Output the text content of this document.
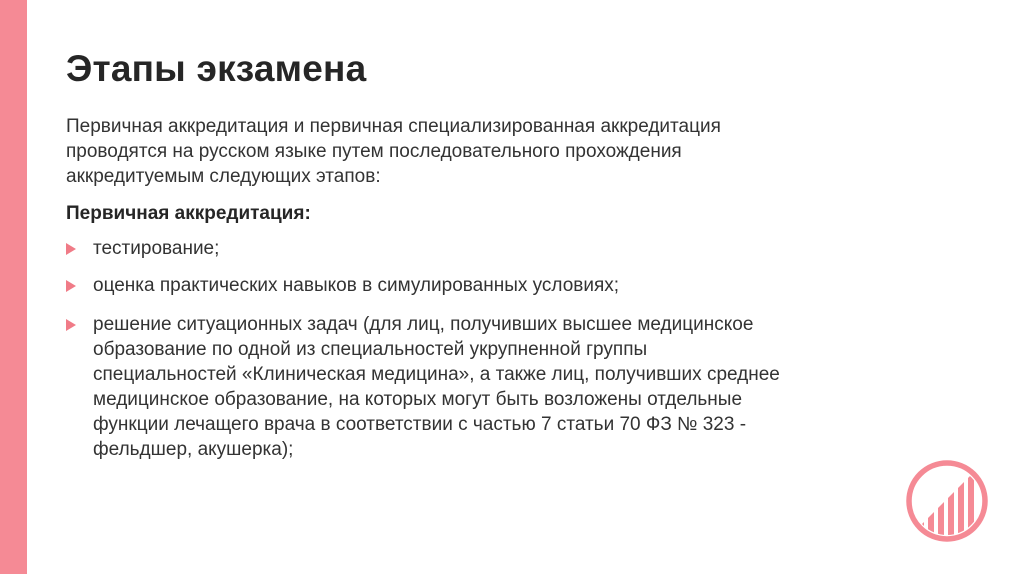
Этапы экзамена

Первичная аккредитация и первичная специализированная аккредитация проводятся на русском языке путем последовательного прохождения аккредитуемым следующих этапов:

Первичная аккредитация:

тестирование;
оценка практических навыков в симулированных условиях;
решение ситуационных задач (для лиц, получивших высшее медицинское образование по одной из специальностей укрупненной группы специальностей «Клиническая медицина», а также лиц, получивших среднее медицинское образование, на которых могут быть возложены отдельные функции лечащего врача в соответствии с частью 7 статьи 70 ФЗ № 323 - фельдшер, акушерка);
